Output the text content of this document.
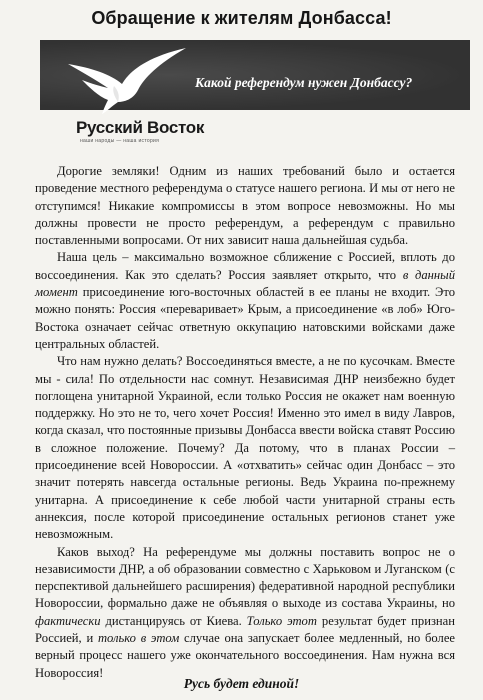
Обращение к жителям Донбасса!
Какой референдум нужен Донбассу?
Русский Восток
наши народы — наша история

Дорогие земляки! Одним из наших требований было и остается проведение местного референдума о статусе нашего региона. И мы от него не отступимся! Никакие компромиссы в этом вопросе невозможны. Но мы должны провести не просто референдум, а референдум с правильно поставленными вопросами. От них зависит наша дальнейшая судьба.

Наша цель – максимально возможное сближение с Россией, вплоть до воссоединения. Как это сделать? Россия заявляет открыто, что в данный момент присоединение юго-восточных областей в ее планы не входит. Это можно понять: Россия «переваривает» Крым, а присоединение «в лоб» Юго-Востока означает сейчас ответную оккупацию натовскими войсками даже центральных областей.

Что нам нужно делать? Воссоединяться вместе, а не по кусочкам. Вместе мы - сила! По отдельности нас сомнут. Независимая ДНР неизбежно будет поглощена унитарной Украиной, если только Россия не окажет нам военную поддержку. Но это не то, чего хочет Россия! Именно это имел в виду Лавров, когда сказал, что постоянные призывы Донбасса ввести войска ставят Россию в сложное положение. Почему? Да потому, что в планах России – присоединение всей Новороссии. А «отхватить» сейчас один Донбасс – это значит потерять навсегда остальные регионы. Ведь Украина по-прежнему унитарна. А присоединение к себе любой части унитарной страны есть аннексия, после которой присоединение остальных регионов станет уже невозможным.

Каков выход? На референдуме мы должны поставить вопрос не о независимости ДНР, а об образовании совместно с Харьковом и Луганском (с перспективой дальнейшего расширения) федеративной народной республики Новороссии, формально даже не объявляя о выходе из состава Украины, но фактически дистанцируясь от Киева. Только этот результат будет признан Россией, и только в этом случае она запускает более медленный, но более верный процесс нашего уже окончательного воссоединения. Нам нужна вся Новороссия!

Русь будет единой!
